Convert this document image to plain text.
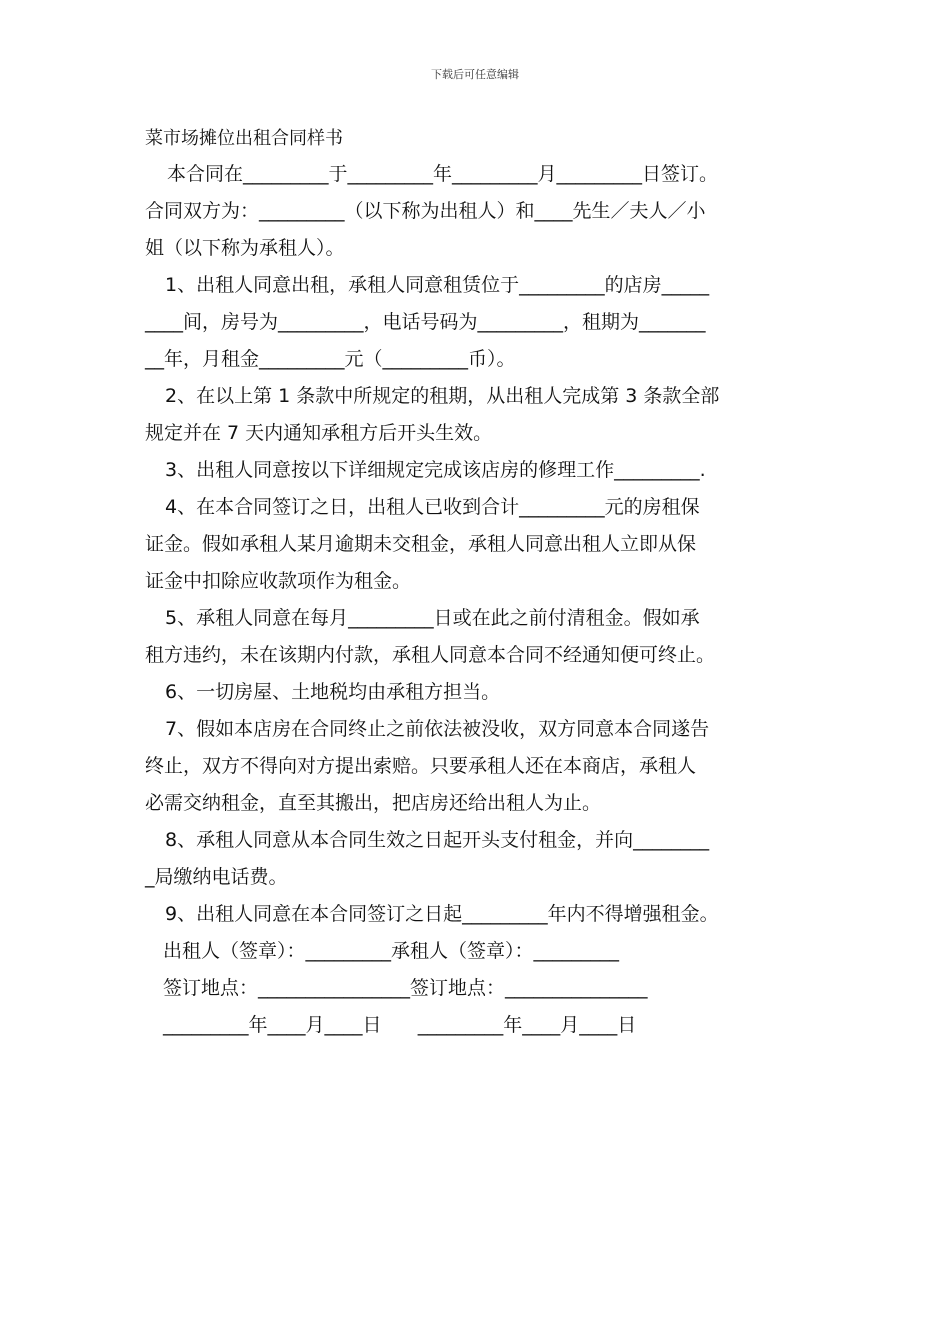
下载后可任意编辑

菜市场摊位出租合同样书

本合同在_________于_________年_________月_________日签订。

合同双方为：_________（以下称为出租人）和____先生／夫人／小

姐（以下称为承租人）。

1、出租人同意出租，承租人同意租赁位于_________的店房_____

____间，房号为_________，电话号码为_________，租期为_______

__年，月租金_________元（_________币）。

2、在以上第 1 条款中所规定的租期，从出租人完成第 3 条款全部

规定并在 7 天内通知承租方后开头生效。

3、出租人同意按以下详细规定完成该店房的修理工作_________.

4、在本合同签订之日，出租人已收到合计_________元的房租保

证金。假如承租人某月逾期未交租金，承租人同意出租人立即从保

证金中扣除应收款项作为租金。

5、承租人同意在每月_________日或在此之前付清租金。假如承

租方违约，未在该期内付款，承租人同意本合同不经通知便可终止。

6、一切房屋、土地税均由承租方担当。

7、假如本店房在合同终止之前依法被没收，双方同意本合同遂告

终止，双方不得向对方提出索赔。只要承租人还在本商店，承租人

必需交纳租金，直至其搬出，把店房还给出租人为止。

8、承租人同意从本合同生效之日起开头支付租金，并向________

_局缴纳电话费。

9、出租人同意在本合同签订之日起_________年内不得增强租金。

出租人（签章）：_________承租人（签章）：_________

签订地点：________________签订地点：_______________

_________年____月____日      _________年____月____日
